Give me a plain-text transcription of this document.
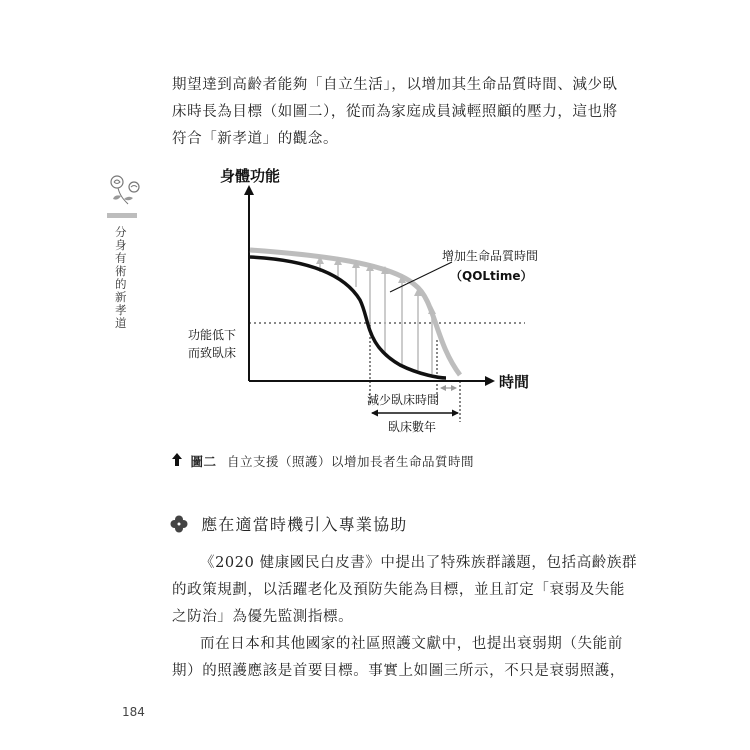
期望達到高齡者能夠「自立生活」，以增加其生命品質時間、減少臥
床時長為目標（如圖二），從而為家庭成員減輕照顧的壓力，這也將
符合「新孝道」的觀念。
分身有術的新孝道
身體功能
時間
功能低下
而致臥床
增加生命品質時間
（QOLtime）
減少臥床時間
臥床數年
圖二 自立支援（照護）以增加長者生命品質時間
應在適當時機引入專業協助
《2020 健康國民白皮書》中提出了特殊族群議題，包括高齡族群
的政策規劃，以活躍老化及預防失能為目標，並且訂定「衰弱及失能
之防治」為優先監測指標。
而在日本和其他國家的社區照護文獻中，也提出衰弱期（失能前
期）的照護應該是首要目標。事實上如圖三所示，不只是衰弱照護，
184
